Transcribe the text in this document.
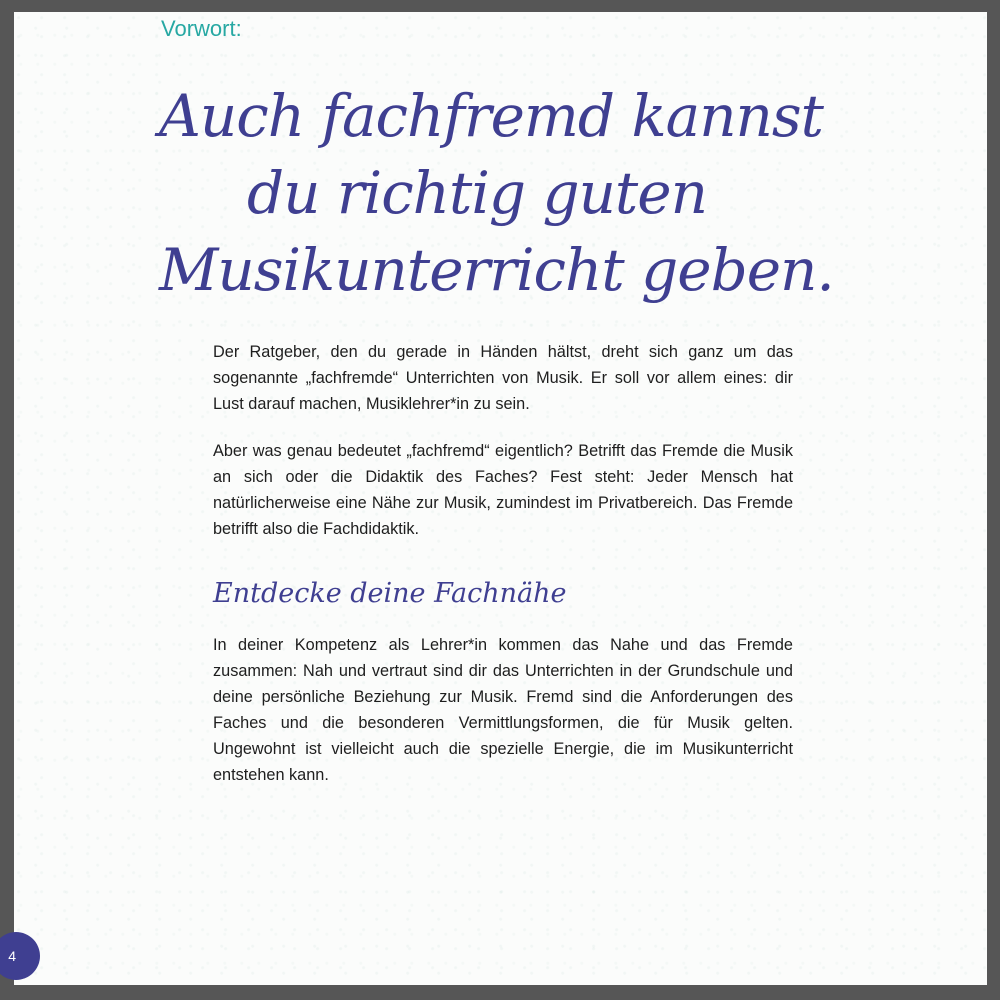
Vorwort:
Auch fachfremd kannst
du richtig guten
Musikunterricht geben.

Der Ratgeber, den du gerade in Händen hältst, dreht sich ganz um das sogenannte „fachfremde“ Unterrichten von Musik. Er soll vor allem eines: dir Lust darauf machen, Musiklehrer*in zu sein.

Aber was genau bedeutet „fachfremd“ eigentlich? Betrifft das Fremde die Musik an sich oder die Didaktik des Faches? Fest steht: Jeder Mensch hat natürlicherweise eine Nähe zur Musik, zumindest im Privatbereich. Das Fremde betrifft also die Fachdidaktik.

Entdecke deine Fachnähe

In deiner Kompetenz als Lehrer*in kommen das Nahe und das Fremde zusammen: Nah und vertraut sind dir das Unterrichten in der Grundschule und deine persönliche Beziehung zur Musik. Fremd sind die Anforderungen des Faches und die besonderen Vermittlungsformen, die für Musik gelten. Ungewohnt ist vielleicht auch die spezielle Energie, die im Musikunterricht entstehen kann.

4
